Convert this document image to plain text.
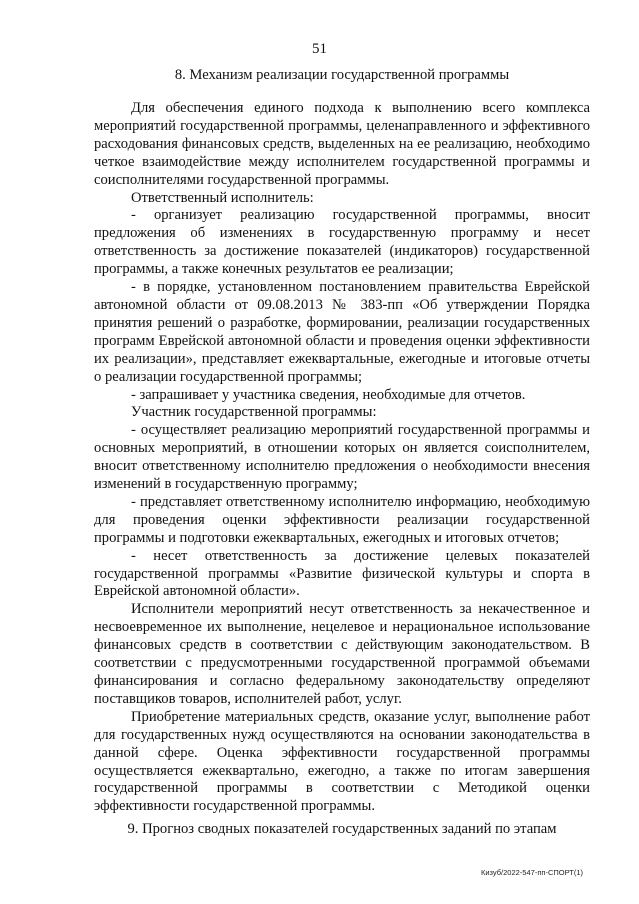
51
8. Механизм реализации государственной программы

Для обеспечения единого подхода к выполнению всего комплекса мероприятий государственной программы, целенаправленного и эффективного расходования финансовых средств, выделенных на ее реализацию, необходимо четкое взаимодействие между исполнителем государственной программы и соисполнителями государственной программы.

Ответственный исполнитель:

- организует реализацию государственной программы, вносит предложения об изменениях в государственную программу и несет ответственность за достижение показателей (индикаторов) государственной программы, а также конечных результатов ее реализации;

- в порядке, установленном постановлением правительства Еврейской автономной области от 09.08.2013 № 383-пп «Об утверждении Порядка принятия решений о разработке, формировании, реализации государственных программ Еврейской автономной области и проведения оценки эффективности их реализации», представляет ежеквартальные, ежегодные и итоговые отчеты о реализации государственной программы;

- запрашивает у участника сведения, необходимые для отчетов.

Участник государственной программы:

- осуществляет реализацию мероприятий государственной программы и основных мероприятий, в отношении которых он является соисполнителем, вносит ответственному исполнителю предложения о необходимости внесения изменений в государственную программу;

- представляет ответственному исполнителю информацию, необходимую для проведения оценки эффективности реализации государственной программы и подготовки ежеквартальных, ежегодных и итоговых отчетов;

- несет ответственность за достижение целевых показателей государственной программы «Развитие физической культуры и спорта в Еврейской автономной области».

Исполнители мероприятий несут ответственность за некачественное и несвоевременное их выполнение, нецелевое и нерациональное использование финансовых средств в соответствии с действующим законодательством. В соответствии с предусмотренными государственной программой объемами финансирования и согласно федеральному законодательству определяют поставщиков товаров, исполнителей работ, услуг.

Приобретение материальных средств, оказание услуг, выполнение работ для государственных нужд осуществляются на основании законодательства в данной сфере. Оценка эффективности государственной программы осуществляется ежеквартально, ежегодно, а также по итогам завершения государственной программы в соответствии с Методикой оценки эффективности государственной программы.

9. Прогноз сводных показателей государственных заданий по этапам
Кизуб/2022-547-пп-СПОРТ(1)
